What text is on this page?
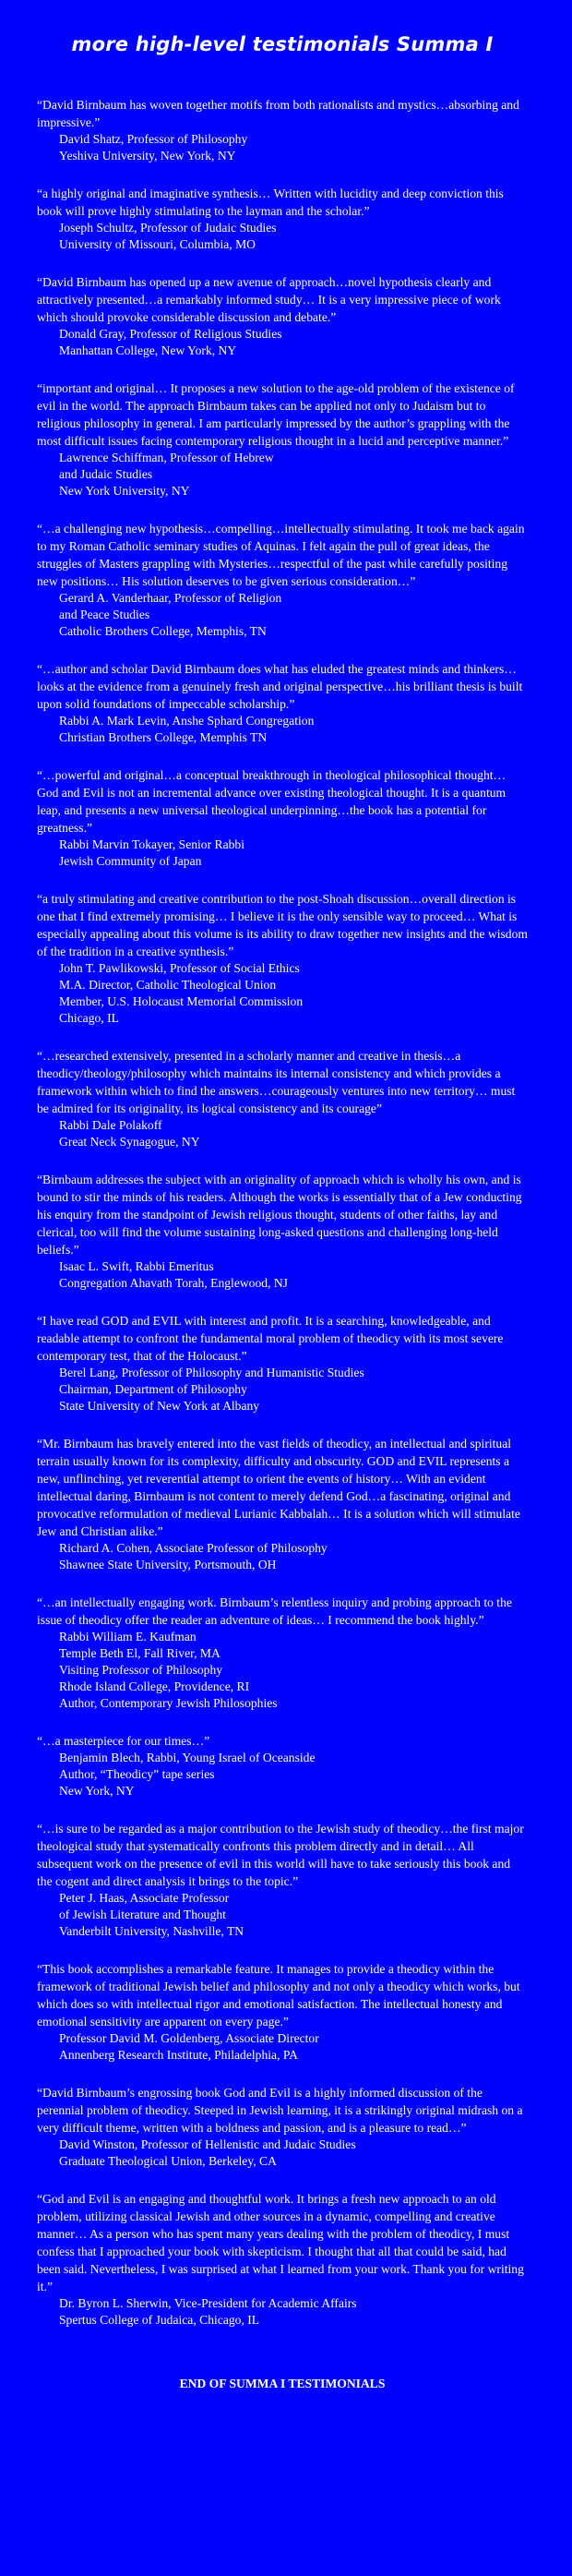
more high-level testimonials Summa I

“David Birnbaum has woven together motifs from both rationalists and mystics…absorbing and impressive.”

David Shatz, Professor of Philosophy
Yeshiva University, New York, NY

“a highly original and imaginative synthesis… Written with lucidity and deep conviction this book will prove highly stimulating to the layman and the scholar.”

Joseph Schultz, Professor of Judaic Studies
University of Missouri, Columbia, MO

“David Birnbaum has opened up a new avenue of approach…novel hypothesis clearly and attractively presented…a remarkably informed study… It is a very impressive piece of work which should provoke considerable discussion and debate.”

Donald Gray, Professor of Religious Studies
Manhattan College, New York, NY

“important and original… It proposes a new solution to the age-old problem of the existence of evil in the world. The approach Birnbaum takes can be applied not only to Judaism but to religious philosophy in general. I am particularly impressed by the author’s grappling with the most difficult issues facing contemporary religious thought in a lucid and perceptive manner.”

Lawrence Schiffman, Professor of Hebrew
and Judaic Studies
New York University, NY

“…a challenging new hypothesis…compelling…intellectually stimulating. It took me back again to my Roman Catholic seminary studies of Aquinas. I felt again the pull of great ideas, the struggles of Masters grappling with Mysteries…respectful of the past while carefully positing new positions… His solution deserves to be given serious consideration…”

Gerard A. Vanderhaar, Professor of Religion
and Peace Studies
Catholic Brothers College, Memphis, TN

“…author and scholar David Birnbaum does what has eluded the greatest minds and thinkers…looks at the evidence from a genuinely fresh and original perspective…his brilliant thesis is built upon solid foundations of impeccable scholarship.”

Rabbi A. Mark Levin, Anshe Sphard Congregation
Christian Brothers College, Memphis TN

“…powerful and original…a conceptual breakthrough in theological philosophical thought… God and Evil is not an incremental advance over existing theological thought. It is a quantum leap, and presents a new universal theological underpinning…the book has a potential for greatness.”

Rabbi Marvin Tokayer, Senior Rabbi
Jewish Community of Japan

“a truly stimulating and creative contribution to the post-Shoah discussion…overall direction is one that I find extremely promising… I believe it is the only sensible way to proceed… What is especially appealing about this volume is its ability to draw together new insights and the wisdom of the tradition in a creative synthesis.”

John T. Pawlikowski, Professor of Social Ethics
M.A. Director, Catholic Theological Union
Member, U.S. Holocaust Memorial Commission
Chicago, IL

“…researched extensively, presented in a scholarly manner and creative in thesis…a theodicy/theology/philosophy which maintains its internal consistency and which provides a framework within which to find the answers…courageously ventures into new territory… must be admired for its originality, its logical consistency and its courage”

Rabbi Dale Polakoff
Great Neck Synagogue, NY

“Birnbaum addresses the subject with an originality of approach which is wholly his own, and is bound to stir the minds of his readers. Although the works is essentially that of a Jew conducting his enquiry from the standpoint of Jewish religious thought, students of other faiths, lay and clerical, too will find the volume sustaining long-asked questions and challenging long-held beliefs.”

Isaac L. Swift, Rabbi Emeritus
Congregation Ahavath Torah, Englewood, NJ

“I have read GOD and EVIL with interest and profit. It is a searching, knowledgeable, and readable attempt to confront the fundamental moral problem of theodicy with its most severe contemporary test, that of the Holocaust.”

Berel Lang, Professor of Philosophy and Humanistic Studies
Chairman, Department of Philosophy
State University of New York at Albany

“Mr. Birnbaum has bravely entered into the vast fields of theodicy, an intellectual and spiritual terrain usually known for its complexity, difficulty and obscurity. GOD and EVIL represents a new, unflinching, yet reverential attempt to orient the events of history… With an evident intellectual daring, Birnbaum is not content to merely defend God…a fascinating, original and provocative reformulation of medieval Lurianic Kabbalah… It is a solution which will stimulate Jew and Christian alike.”

Richard A. Cohen, Associate Professor of Philosophy
Shawnee State University, Portsmouth, OH

“…an intellectually engaging work. Birnbaum’s relentless inquiry and probing approach to the issue of theodicy offer the reader an adventure of ideas… I recommend the book highly.”

Rabbi William E. Kaufman
Temple Beth El, Fall River, MA
Visiting Professor of Philosophy
Rhode Island College, Providence, RI
Author, Contemporary Jewish Philosophies

“…a masterpiece for our times…”

Benjamin Blech, Rabbi, Young Israel of Oceanside
Author, “Theodicy” tape series
New York, NY

“…is sure to be regarded as a major contribution to the Jewish study of theodicy…the first major theological study that systematically confronts this problem directly and in detail… All subsequent work on the presence of evil in this world will have to take seriously this book and the cogent and direct analysis it brings to the topic.”

Peter J. Haas, Associate Professor
of Jewish Literature and Thought
Vanderbilt University, Nashville, TN

“This book accomplishes a remarkable feature. It manages to provide a theodicy within the framework of traditional Jewish belief and philosophy and not only a theodicy which works, but which does so with intellectual rigor and emotional satisfaction. The intellectual honesty and emotional sensitivity are apparent on every page.”

Professor David M. Goldenberg, Associate Director
Annenberg Research Institute, Philadelphia, PA

“David Birnbaum’s engrossing book God and Evil is a highly informed discussion of the perennial problem of theodicy. Steeped in Jewish learning, it is a strikingly original midrash on a very difficult theme, written with a boldness and passion, and is a pleasure to read…”

David Winston, Professor of Hellenistic and Judaic Studies
Graduate Theological Union, Berkeley, CA

“God and Evil is an engaging and thoughtful work. It brings a fresh new approach to an old problem, utilizing classical Jewish and other sources in a dynamic, compelling and creative manner… As a person who has spent many years dealing with the problem of theodicy, I must confess that I approached your book with skepticism. I thought that all that could be said, had been said. Nevertheless, I was surprised at what I learned from your work. Thank you for writing it.”

Dr. Byron L. Sherwin, Vice-President for Academic Affairs
Spertus College of Judaica, Chicago, IL
END OF SUMMA I TESTIMONIALS
